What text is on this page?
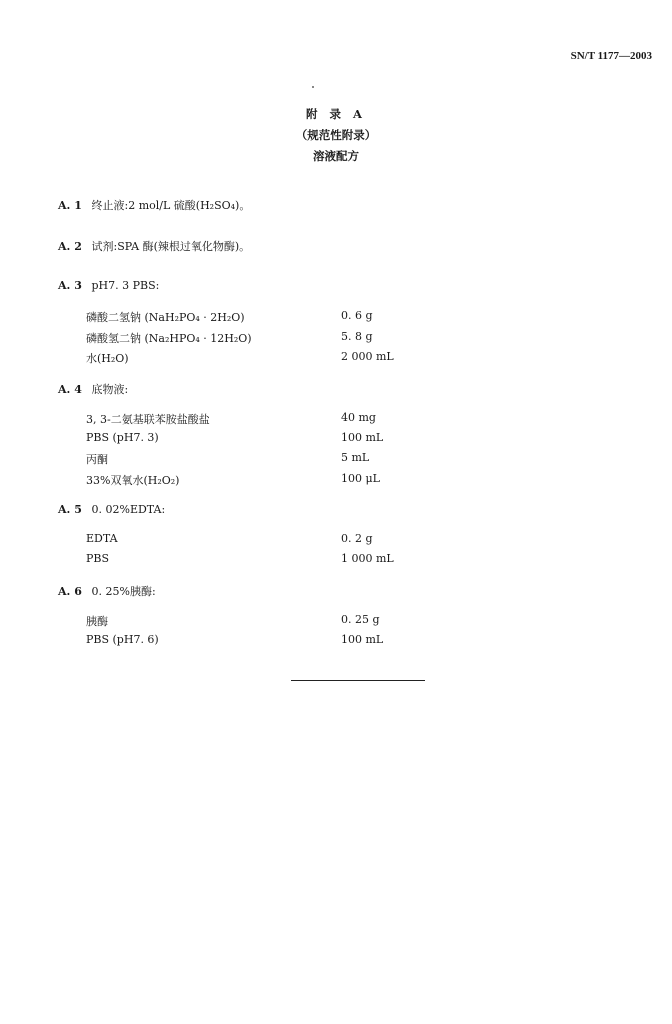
SN/T 1177—2003
附 录 A
（规范性附录）
溶液配方
A. 1 终止液:2 mol/L 硫酸(H₂SO₄)。
A. 2 试剂:SPA 酶(辣根过氧化物酶)。
A. 3 pH7. 3 PBS:
磷酸二氢钠 (NaH₂PO₄ · 2H₂O)	0. 6 g
磷酸氢二钠 (Na₂HPO₄ · 12H₂O)	5. 8 g
水(H₂O)	2 000 mL
A. 4 底物液:
3, 3-二氨基联苯胺盐酸盐	40 mg
PBS (pH7. 3)	100 mL
丙酮	5 mL
33%双氧水(H₂O₂)	100 μL
A. 5 0. 02%EDTA:
EDTA	0. 2 g
PBS	1 000 mL
A. 6 0. 25%胰酶:
胰酶	0. 25 g
PBS (pH7. 6)	100 mL
